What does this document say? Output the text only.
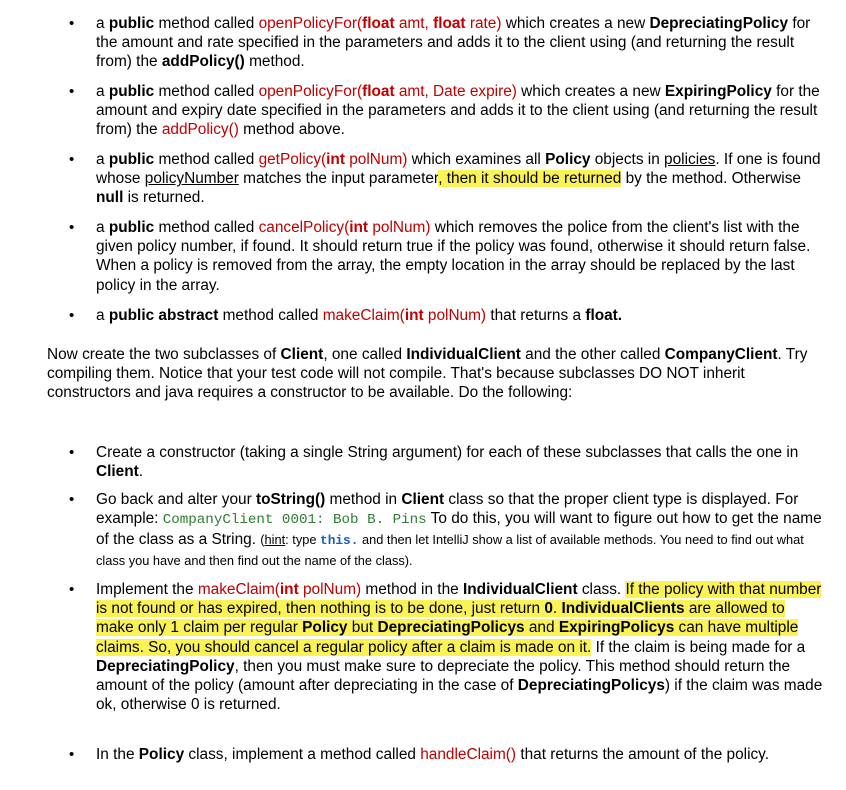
• a public method called openPolicyFor(float amt, float rate) which creates a new DepreciatingPolicy for the amount and rate specified in the parameters and adds it to the client using (and returning the result from) the addPolicy() method.
• a public method called openPolicyFor(float amt, Date expire) which creates a new ExpiringPolicy for the amount and expiry date specified in the parameters and adds it to the client using (and returning the result from) the addPolicy() method above.
• a public method called getPolicy(int polNum) which examines all Policy objects in policies. If one is found whose policyNumber matches the input parameter, then it should be returned by the method. Otherwise null is returned.
• a public method called cancelPolicy(int polNum) which removes the police from the client's list with the given policy number, if found. It should return true if the policy was found, otherwise it should return false. When a policy is removed from the array, the empty location in the array should be replaced by the last policy in the array.
• a public abstract method called makeClaim(int polNum) that returns a float.
Now create the two subclasses of Client, one called IndividualClient and the other called CompanyClient. Try compiling them. Notice that your test code will not compile. That's because subclasses DO NOT inherit constructors and java requires a constructor to be available. Do the following:
• Create a constructor (taking a single String argument) for each of these subclasses that calls the one in Client.
• Go back and alter your toString() method in Client class so that the proper client type is displayed. For example: CompanyClient 0001: Bob B. Pins To do this, you will want to figure out how to get the name of the class as a String. (hint: type this. and then let IntelliJ show a list of available methods. You need to find out what class you have and then find out the name of the class).
• Implement the makeClaim(int polNum) method in the IndividualClient class. If the policy with that number is not found or has expired, then nothing is to be done, just return 0. IndividualClients are allowed to make only 1 claim per regular Policy but DepreciatingPolicys and ExpiringPolicys can have multiple claims. So, you should cancel a regular policy after a claim is made on it. If the claim is being made for a DepreciatingPolicy, then you must make sure to depreciate the policy. This method should return the amount of the policy (amount after depreciating in the case of DepreciatingPolicys) if the claim was made ok, otherwise 0 is returned.
• In the Policy class, implement a method called handleClaim() that returns the amount of the policy.
